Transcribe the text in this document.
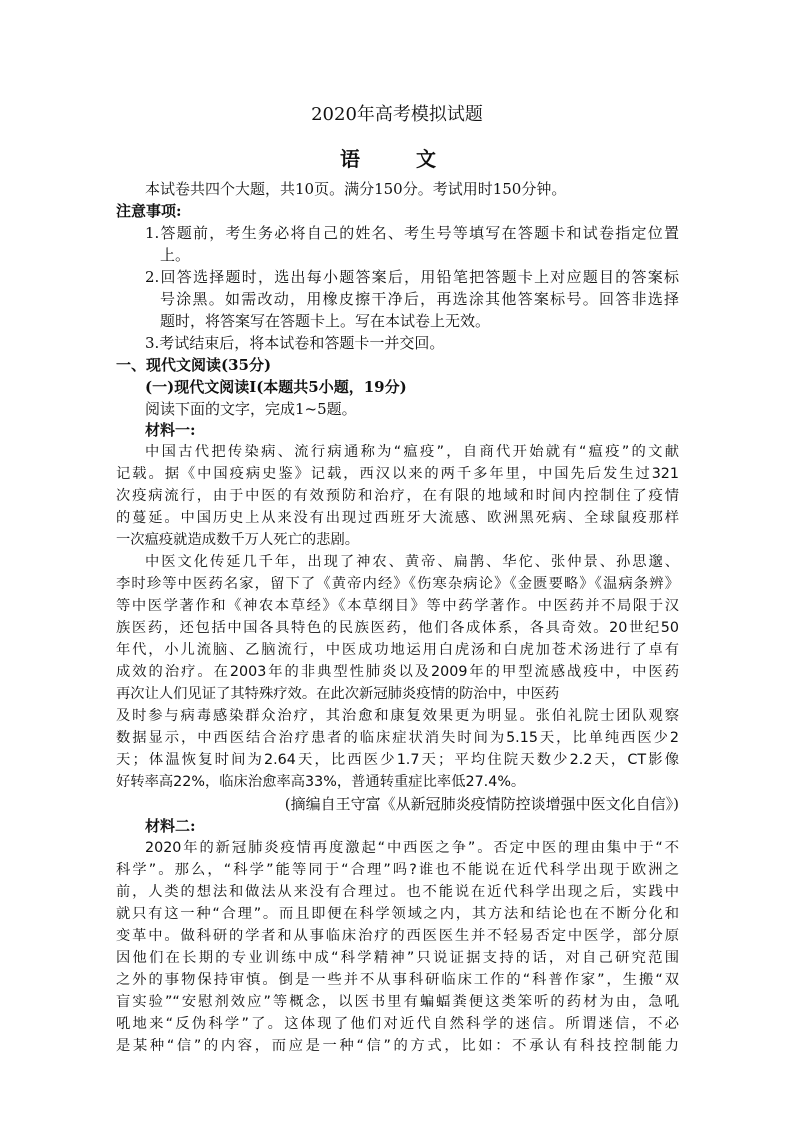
2020年高考模拟试题
语　文
本试卷共四个大题，共10页。满分150分。考试用时150分钟。
注意事项:
1.答题前，考生务必将自己的姓名、考生号等填写在答题卡和试卷指定位置
上。
2.回答选择题时，选出每小题答案后，用铅笔把答题卡上对应题目的答案标
号涂黑。如需改动，用橡皮擦干净后，再选涂其他答案标号。回答非选择
题时，将答案写在答题卡上。写在本试卷上无效。
3.考试结束后，将本试卷和答题卡一并交回。
一、现代文阅读(35分)
(一)现代文阅读Ⅰ(本题共5小题，19分)
阅读下面的文字，完成1~5题。
材料一:
中国古代把传染病、流行病通称为“瘟疫”，自商代开始就有“瘟疫”的文献
记载。据《中国疫病史鉴》记载，西汉以来的两千多年里，中国先后发生过321
次疫病流行，由于中医的有效预防和治疗，在有限的地域和时间内控制住了疫情
的蔓延。中国历史上从来没有出现过西班牙大流感、欧洲黑死病、全球鼠疫那样
一次瘟疫就造成数千万人死亡的悲剧。
中医文化传延几千年，出现了神农、黄帝、扁鹊、华佗、张仲景、孙思邈、
李时珍等中医药名家，留下了《黄帝内经》《伤寒杂病论》《金匮要略》《温病条辨》
等中医学著作和《神农本草经》《本草纲目》等中药学著作。中医药并不局限于汉
族医药，还包括中国各具特色的民族医药，他们各成体系，各具奇效。20世纪50
年代，小儿流脑、乙脑流行，中医成功地运用白虎汤和白虎加苍术汤进行了卓有
成效的治疗。在2003年的非典型性肺炎以及2009年的甲型流感战疫中，中医药
再次让人们见证了其特殊疗效。在此次新冠肺炎疫情的防治中，中医药
及时参与病毒感染群众治疗，其治愈和康复效果更为明显。张伯礼院士团队观察
数据显示，中西医结合治疗患者的临床症状消失时间为5.15天，比单纯西医少2
天；体温恢复时间为2.64天，比西医少1.7天；平均住院天数少2.2天，CT影像
好转率高22%，临床治愈率高33%，普通转重症比率低27.4%。
(摘编自王守富《从新冠肺炎疫情防控谈增强中医文化自信》)
材料二:
2020年的新冠肺炎疫情再度激起“中西医之争”。否定中医的理由集中于“不
科学”。那么，“科学”能等同于“合理”吗?谁也不能说在近代科学出现于欧洲之
前，人类的想法和做法从来没有合理过。也不能说在近代科学出现之后，实践中
就只有这一种“合理”。而且即便在科学领域之内，其方法和结论也在不断分化和
变革中。做科研的学者和从事临床治疗的西医医生并不轻易否定中医学，部分原
因他们在长期的专业训练中成“科学精神”只说证据支持的话，对自己研究范围
之外的事物保持审慎。倒是一些并不从事科研临床工作的“科普作家”，生搬“双
盲实验”“安慰剂效应”等概念，以医书里有蝙蝠粪便这类笨听的药材为由，急吼
吼地来“反伪科学”了。这体现了他们对近代自然科学的迷信。所谓迷信，不必
是某种“信”的内容，而应是一种“信”的方式，比如：不承认有科技控制能力
